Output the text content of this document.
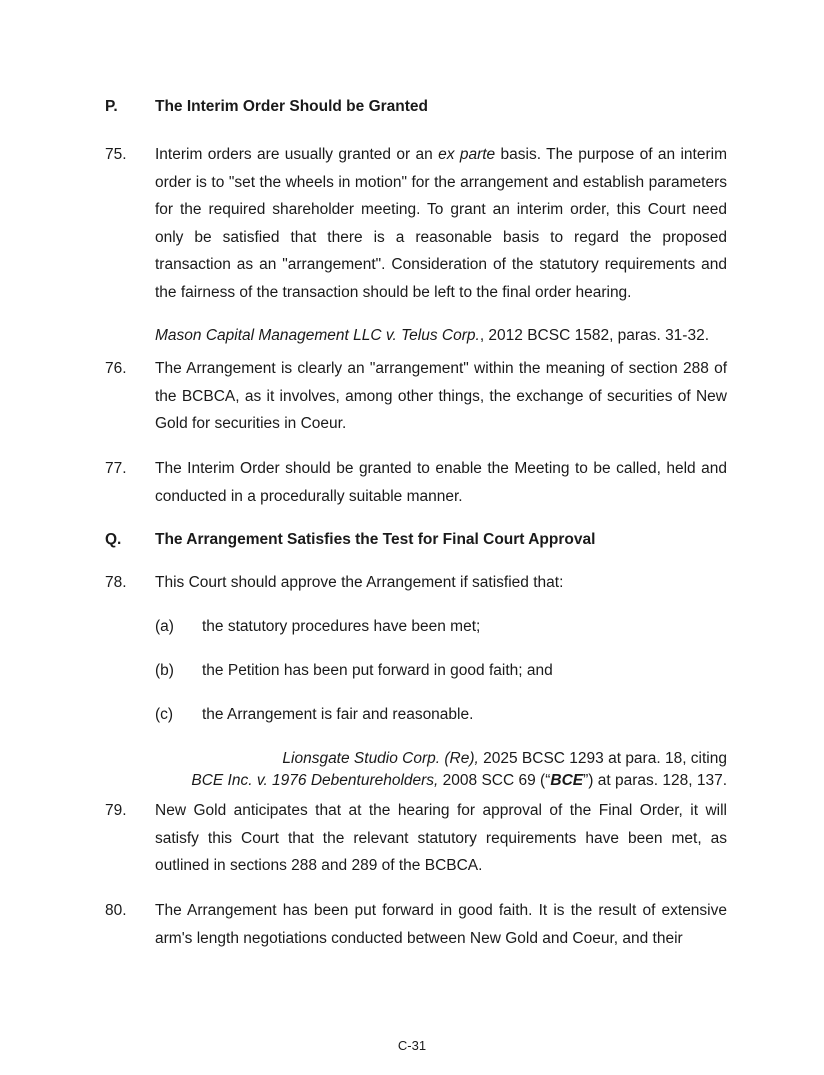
P. The Interim Order Should be Granted
75. Interim orders are usually granted or an ex parte basis. The purpose of an interim order is to "set the wheels in motion" for the arrangement and establish parameters for the required shareholder meeting. To grant an interim order, this Court need only be satisfied that there is a reasonable basis to regard the proposed transaction as an "arrangement". Consideration of the statutory requirements and the fairness of the transaction should be left to the final order hearing.
Mason Capital Management LLC v. Telus Corp., 2012 BCSC 1582, paras. 31-32.
76. The Arrangement is clearly an "arrangement" within the meaning of section 288 of the BCBCA, as it involves, among other things, the exchange of securities of New Gold for securities in Coeur.
77. The Interim Order should be granted to enable the Meeting to be called, held and conducted in a procedurally suitable manner.
Q. The Arrangement Satisfies the Test for Final Court Approval
78. This Court should approve the Arrangement if satisfied that:
(a) the statutory procedures have been met;
(b) the Petition has been put forward in good faith; and
(c) the Arrangement is fair and reasonable.
Lionsgate Studio Corp. (Re), 2025 BCSC 1293 at para. 18, citing
BCE Inc. v. 1976 Debentureholders, 2008 SCC 69 (“BCE”) at paras. 128, 137.
79. New Gold anticipates that at the hearing for approval of the Final Order, it will satisfy this Court that the relevant statutory requirements have been met, as outlined in sections 288 and 289 of the BCBCA.
80. The Arrangement has been put forward in good faith. It is the result of extensive arm's length negotiations conducted between New Gold and Coeur, and their
C-31
